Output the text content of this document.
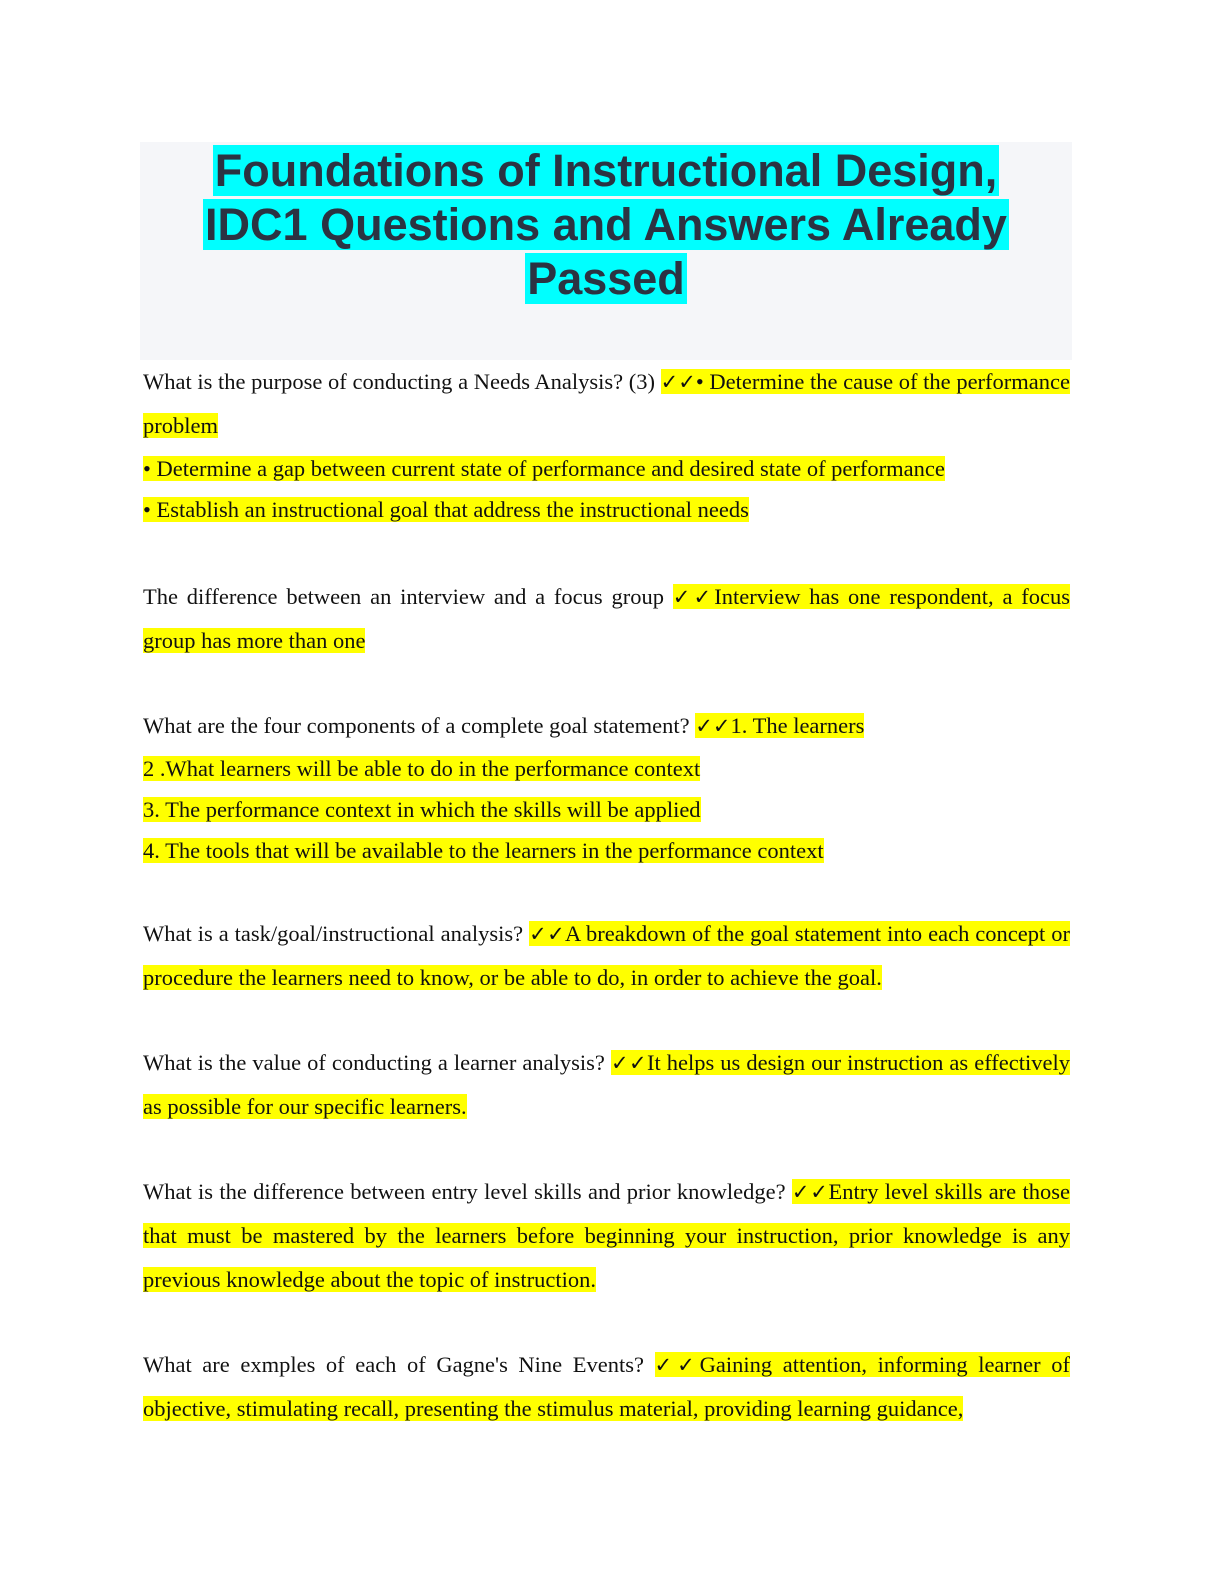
Foundations of Instructional Design,
IDC1 Questions and Answers Already
Passed

What is the purpose of conducting a Needs Analysis? (3) ✓✓• Determine the cause of the performance problem

• Determine a gap between current state of performance and desired state of performance

• Establish an instructional goal that address the instructional needs

The difference between an interview and a focus group ✓✓Interview has one respondent, a focus group has more than one

What are the four components of a complete goal statement? ✓✓1. The learners

2 .What learners will be able to do in the performance context

3. The performance context in which the skills will be applied

4. The tools that will be available to the learners in the performance context

What is a task/goal/instructional analysis? ✓✓A breakdown of the goal statement into each concept or procedure the learners need to know, or be able to do, in order to achieve the goal.

What is the value of conducting a learner analysis? ✓✓It helps us design our instruction as effectively as possible for our specific learners.

What is the difference between entry level skills and prior knowledge? ✓✓Entry level skills are those that must be mastered by the learners before beginning your instruction, prior knowledge is any previous knowledge about the topic of instruction.

What are exmples of each of Gagne's Nine Events? ✓✓Gaining attention, informing learner of objective, stimulating recall, presenting the stimulus material, providing learning guidance,
